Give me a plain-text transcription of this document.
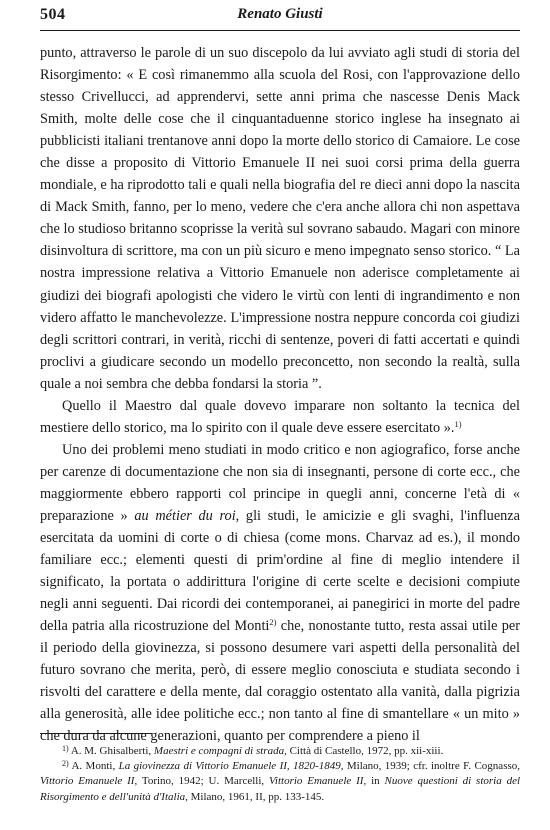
504	Renato Giusti

punto, attraverso le parole di un suo discepolo da lui avviato agli studi di storia del Risorgimento: « E così rimanemmo alla scuola del Rosi, con l'approvazione dello stesso Crivellucci, ad apprendervi, sette anni prima che nascesse Denis Mack Smith, molte delle cose che il cinquantaduenne storico inglese ha insegnato ai pubblicisti italiani trentanove anni dopo la morte dello storico di Camaiore. Le cose che disse a proposito di Vittorio Emanuele II nei suoi corsi prima della guerra mondiale, e ha riprodotto tali e quali nella biografia del re dieci anni dopo la nascita di Mack Smith, fanno, per lo meno, vedere che c'era anche allora chi non aspettava che lo studioso britanno scoprisse la verità sul sovrano sabaudo. Magari con minore disinvoltura di scrittore, ma con un più sicuro e meno impegnato senso storico. “ La nostra impressione relativa a Vittorio Emanuele non aderisce completamente ai giudizi dei biografi apologisti che videro le virtù con lenti di ingrandimento e non videro affatto le manchevolezze. L'impressione nostra neppure concorda coi giudizi degli scrittori contrari, in verità, ricchi di sentenze, poveri di fatti accertati e quindi proclivi a giudicare secondo un modello preconcetto, non secondo la realtà, sulla quale a noi sembra che debba fondarsi la storia ”.

Quello il Maestro dal quale dovevo imparare non soltanto la tecnica del mestiere dello storico, ma lo spirito con il quale deve essere esercitato ».$^{1)}$

Uno dei problemi meno studiati in modo critico e non agiografico, forse anche per carenze di documentazione che non sia di insegnanti, persone di corte ecc., che maggiormente ebbero rapporti col principe in quegli anni, concerne l'età di « preparazione » au métier du roi, gli studi, le amicizie e gli svaghi, l'influenza esercitata da uomini di corte o di chiesa (come mons. Charvaz ad es.), il mondo familiare ecc.; elementi questi di prim'ordine al fine di meglio intendere il significato, la portata o addirittura l'origine di certe scelte e decisioni compiute negli anni seguenti. Dai ricordi dei contemporanei, ai panegirici in morte del padre della patria alla ricostruzione del Monti$^{2)}$ che, nonostante tutto, resta assai utile per il periodo della giovinezza, si possono desumere vari aspetti della personalità del futuro sovrano che merita, però, di essere meglio conosciuta e studiata secondo i risvolti del carattere e della mente, dal coraggio ostentato alla vanità, dalla pigrizia alla generosità, alle idee politiche ecc.; non tanto al fine di smantellare « un mito » che dura da alcune generazioni, quanto per comprendere a pieno il

$^{1)}$ A. M. Ghisalberti, Maestri e compagni di strada, Città di Castello, 1972, pp. xii-xiii.

$^{2)}$ A. Monti, La giovinezza di Vittorio Emanuele II, 1820-1849, Milano, 1939; cfr. inoltre F. Cognasso, Vittorio Emanuele II, Torino, 1942; U. Marcelli, Vittorio Emanuele II, in Nuove questioni di storia del Risorgimento e dell'unità d'Italia, Milano, 1961, II, pp. 133-145.
